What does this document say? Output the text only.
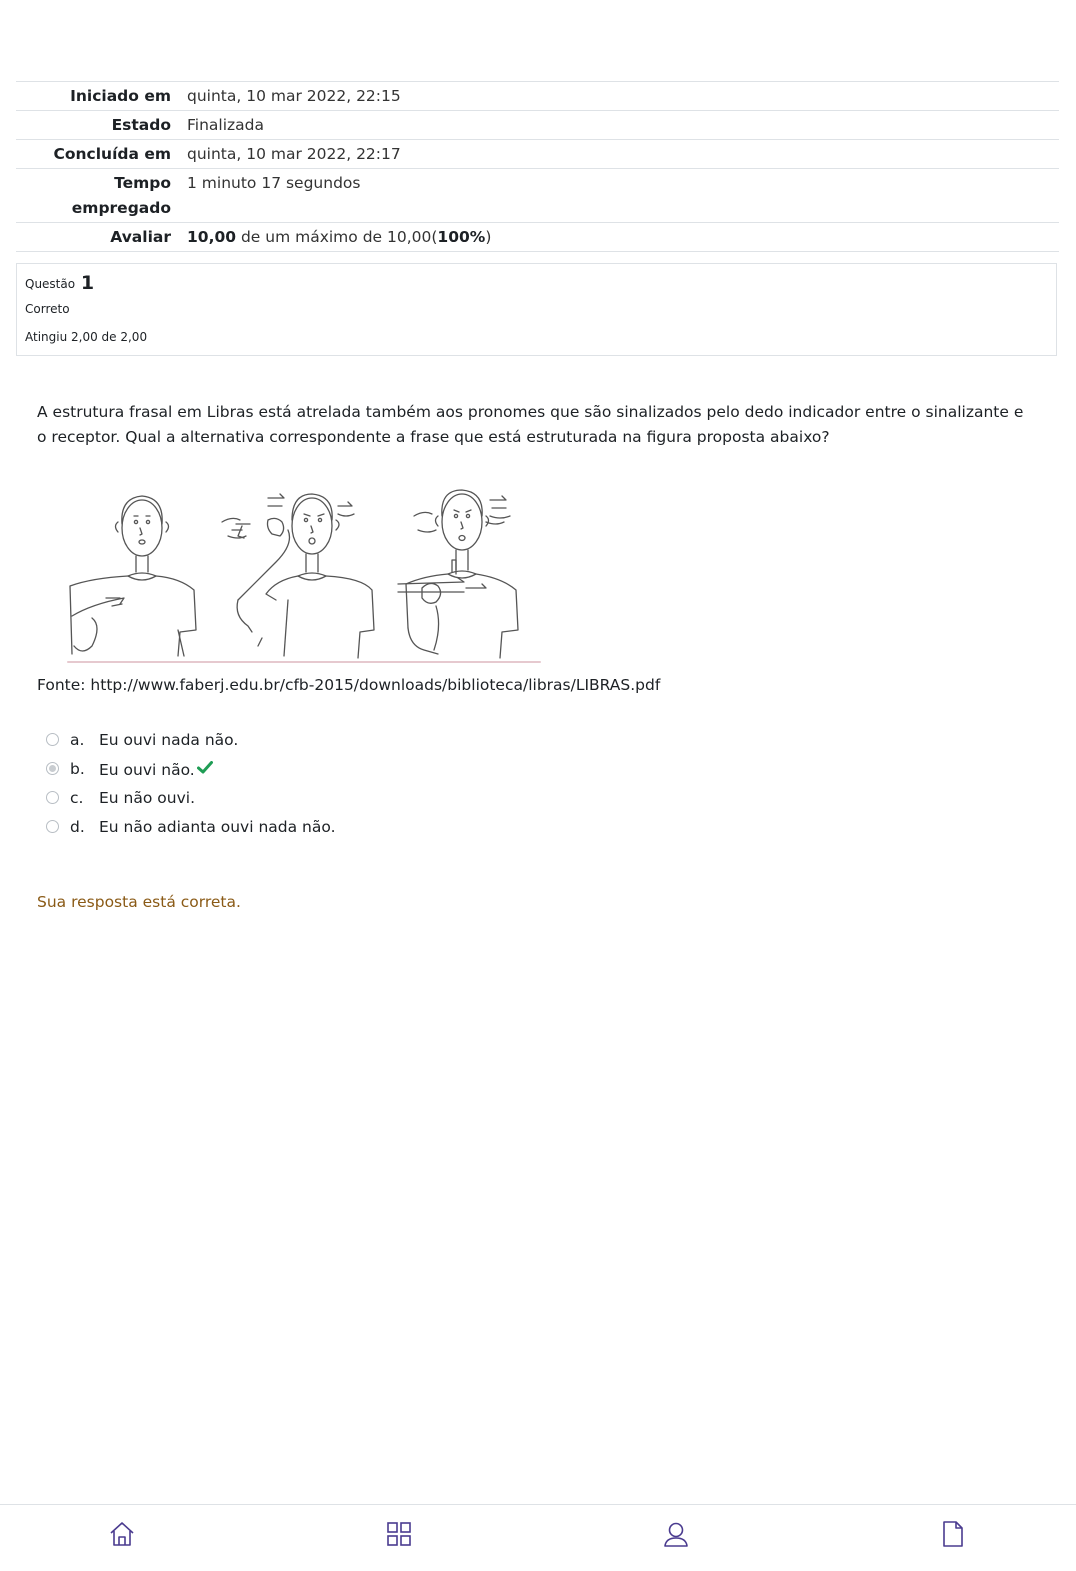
Iniciado em	quinta, 10 mar 2022, 22:15
Estado	Finalizada
Concluída em	quinta, 10 mar 2022, 22:17
Tempo empregado	1 minuto 17 segundos
Avaliar	10,00 de um máximo de 10,00(100%)
Questão 1
Correto
Atingiu 2,00 de 2,00
A estrutura frasal em Libras está atrelada também aos pronomes que são sinalizados pelo dedo indicador entre o sinalizante e o receptor. Qual a alternativa correspondente a frase que está estruturada na figura proposta abaixo?
Fonte: http://www.faberj.edu.br/cfb-2015/downloads/biblioteca/libras/LIBRAS.pdf
a. Eu ouvi nada não.
b. Eu ouvi não.
c. Eu não ouvi.
d. Eu não adianta ouvi nada não.
Sua resposta está correta.
